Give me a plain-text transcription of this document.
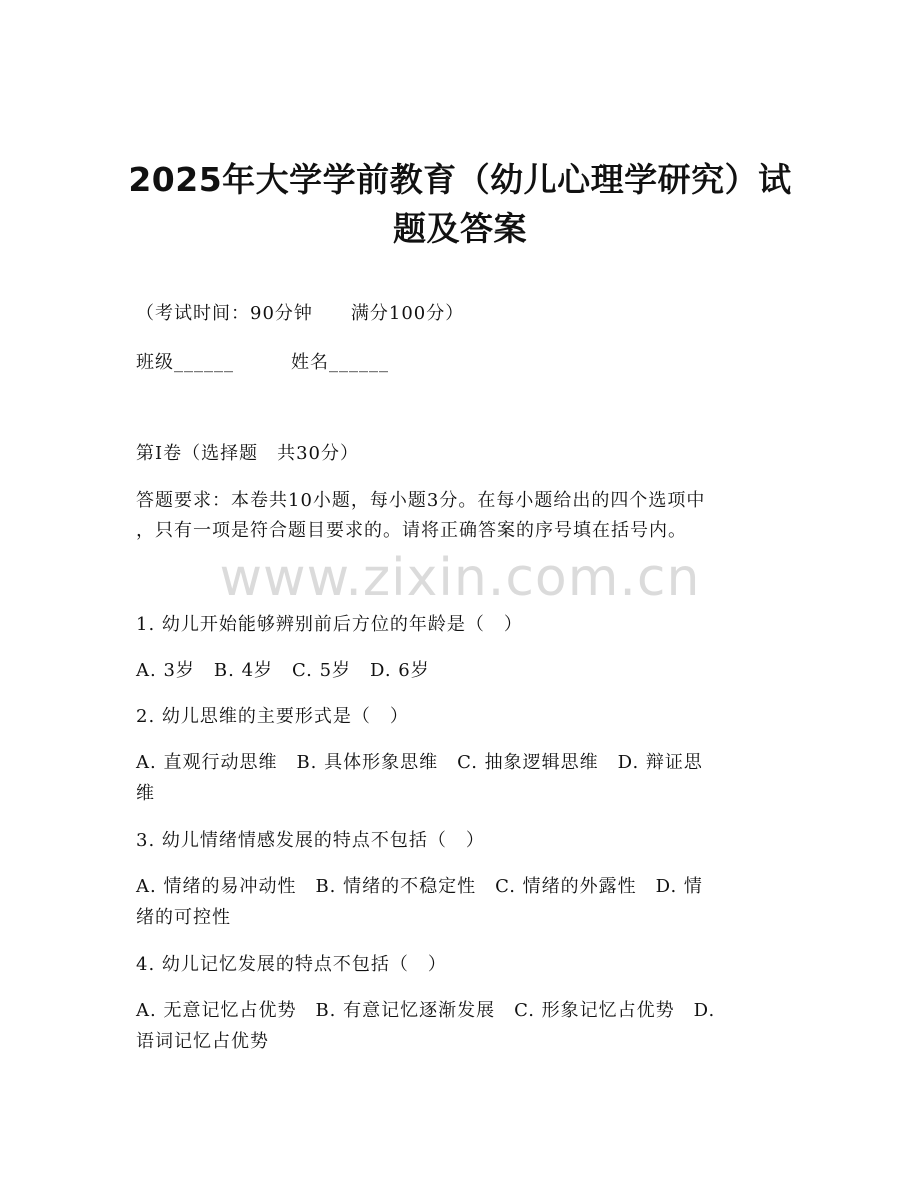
2025年大学学前教育（幼儿心理学研究）试
题及答案
（考试时间：90分钟　　满分100分）
班级______　　　姓名______
第I卷（选择题　共30分）
答题要求：本卷共10小题，每小题3分。在每小题给出的四个选项中
，只有一项是符合题目要求的。请将正确答案的序号填在括号内。
www.zixin.com.cn
1. 幼儿开始能够辨别前后方位的年龄是（　）
A. 3岁　B. 4岁　C. 5岁　D. 6岁
2. 幼儿思维的主要形式是（　）
A. 直观行动思维　B. 具体形象思维　C. 抽象逻辑思维　D. 辩证思
维
3. 幼儿情绪情感发展的特点不包括（　）
A. 情绪的易冲动性　B. 情绪的不稳定性　C. 情绪的外露性　D. 情
绪的可控性
4. 幼儿记忆发展的特点不包括（　）
A. 无意记忆占优势　B. 有意记忆逐渐发展　C. 形象记忆占优势　D.
语词记忆占优势
